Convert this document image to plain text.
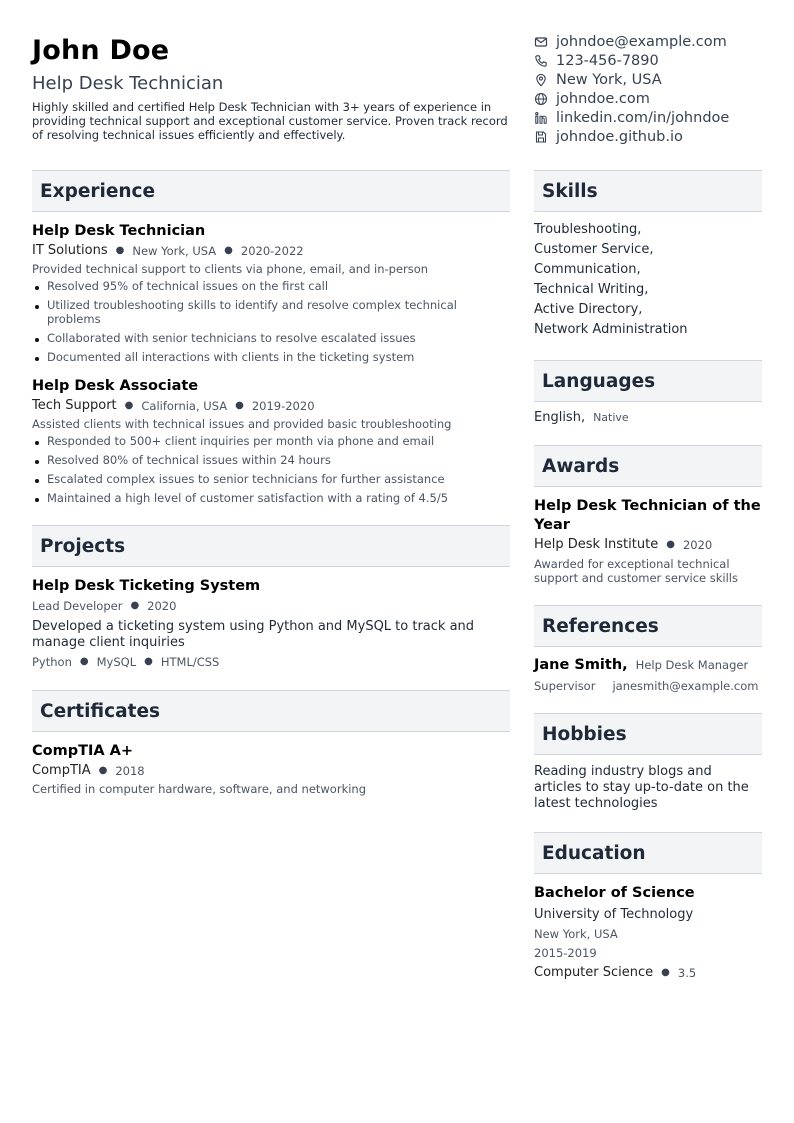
John Doe
Help Desk Technician
Highly skilled and certified Help Desk Technician with 3+ years of experience in providing technical support and exceptional customer service. Proven track record of resolving technical issues efficiently and effectively.
johndoe@example.com
123-456-7890
New York, USA
johndoe.com
linkedin.com/in/johndoe
johndoe.github.io
Experience
Help Desk Technician
IT Solutions ● New York, USA ● 2020-2022
Provided technical support to clients via phone, email, and in-person
Resolved 95% of technical issues on the first call
Utilized troubleshooting skills to identify and resolve complex technical problems
Collaborated with senior technicians to resolve escalated issues
Documented all interactions with clients in the ticketing system
Help Desk Associate
Tech Support ● California, USA ● 2019-2020
Assisted clients with technical issues and provided basic troubleshooting
Responded to 500+ client inquiries per month via phone and email
Resolved 80% of technical issues within 24 hours
Escalated complex issues to senior technicians for further assistance
Maintained a high level of customer satisfaction with a rating of 4.5/5
Projects
Help Desk Ticketing System
Lead Developer ● 2020
Developed a ticketing system using Python and MySQL to track and manage client inquiries
Python ● MySQL ● HTML/CSS
Certificates
CompTIA A+
CompTIA ● 2018
Certified in computer hardware, software, and networking
Skills
Troubleshooting,
Customer Service,
Communication,
Technical Writing,
Active Directory,
Network Administration
Languages
English, Native
Awards
Help Desk Technician of the Year
Help Desk Institute ● 2020
Awarded for exceptional technical support and customer service skills
References
Jane Smith, Help Desk Manager
Supervisor janesmith@example.com
Hobbies
Reading industry blogs and articles to stay up-to-date on the latest technologies
Education
Bachelor of Science
University of Technology
New York, USA
2015-2019
Computer Science ● 3.5
